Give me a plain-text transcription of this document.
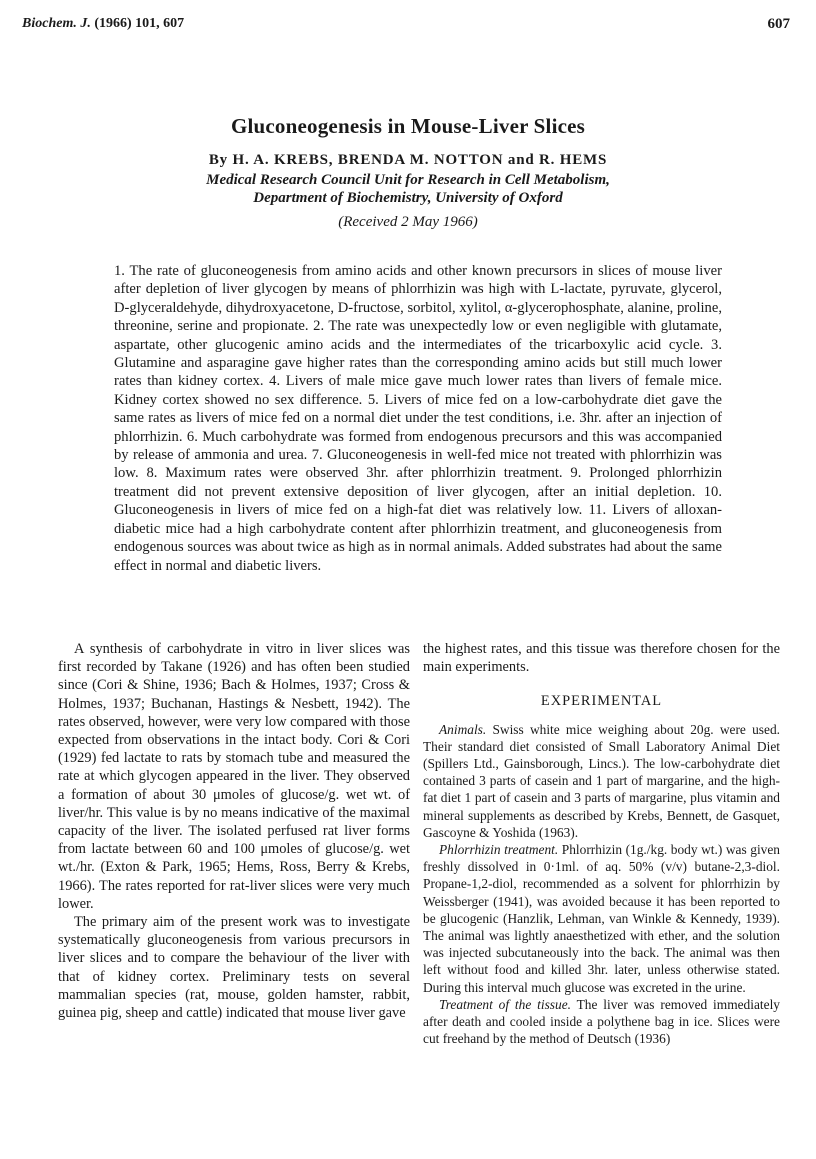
Biochem. J. (1966) 101, 607	607
Gluconeogenesis in Mouse-Liver Slices
By H. A. KREBS, BRENDA M. NOTTON and R. HEMS
Medical Research Council Unit for Research in Cell Metabolism,
Department of Biochemistry, University of Oxford
(Received 2 May 1966)
1. The rate of gluconeogenesis from amino acids and other known precursors in slices of mouse liver after depletion of liver glycogen by means of phlorrhizin was high with L-lactate, pyruvate, glycerol, D-glyceraldehyde, dihydroxyacetone, D-fructose, sorbitol, xylitol, α-glycerophosphate, alanine, proline, threonine, serine and propionate. 2. The rate was unexpectedly low or even negligible with glutamate, aspartate, other glucogenic amino acids and the intermediates of the tricarboxylic acid cycle. 3. Glutamine and asparagine gave higher rates than the corresponding amino acids but still much lower rates than kidney cortex. 4. Livers of male mice gave much lower rates than livers of female mice. Kidney cortex showed no sex difference. 5. Livers of mice fed on a low-carbohydrate diet gave the same rates as livers of mice fed on a normal diet under the test conditions, i.e. 3hr. after an injection of phlorrhizin. 6. Much carbohydrate was formed from endogenous precursors and this was accompanied by release of ammonia and urea. 7. Gluconeogenesis in well-fed mice not treated with phlorrhizin was low. 8. Maximum rates were observed 3hr. after phlorrhizin treatment. 9. Prolonged phlorrhizin treatment did not prevent extensive deposition of liver glycogen, after an initial depletion. 10. Gluconeogenesis in livers of mice fed on a high-fat diet was relatively low. 11. Livers of alloxan-diabetic mice had a high carbohydrate content after phlorrhizin treatment, and gluconeogenesis from endogenous sources was about twice as high as in normal animals. Added substrates had about the same effect in normal and diabetic livers.

A synthesis of carbohydrate in vitro in liver slices was first recorded by Takane (1926) and has often been studied since (Cori & Shine, 1936; Bach & Holmes, 1937; Cross & Holmes, 1937; Buchanan, Hastings & Nesbett, 1942). The rates observed, however, were very low compared with those expected from observations in the intact body. Cori & Cori (1929) fed lactate to rats by stomach tube and measured the rate at which glycogen appeared in the liver. They observed a formation of about 30 μmoles of glucose/g. wet wt. of liver/hr. This value is by no means indicative of the maximal capacity of the liver. The isolated perfused rat liver forms from lactate between 60 and 100 μmoles of glucose/g. wet wt./hr. (Exton & Park, 1965; Hems, Ross, Berry & Krebs, 1966). The rates reported for rat-liver slices were very much lower.

The primary aim of the present work was to investigate systematically gluconeogenesis from various precursors in liver slices and to compare the behaviour of the liver with that of kidney cortex. Preliminary tests on several mammalian species (rat, mouse, golden hamster, rabbit, guinea pig, sheep and cattle) indicated that mouse liver gave

the highest rates, and this tissue was therefore chosen for the main experiments.

EXPERIMENTAL

Animals. Swiss white mice weighing about 20g. were used. Their standard diet consisted of Small Laboratory Animal Diet (Spillers Ltd., Gainsborough, Lincs.). The low-carbohydrate diet contained 3 parts of casein and 1 part of margarine, and the high-fat diet 1 part of casein and 3 parts of margarine, plus vitamin and mineral supplements as described by Krebs, Bennett, de Gasquet, Gascoyne & Yoshida (1963).

Phlorrhizin treatment. Phlorrhizin (1g./kg. body wt.) was given freshly dissolved in 0·1ml. of aq. 50% (v/v) butane-2,3-diol. Propane-1,2-diol, recommended as a solvent for phlorrhizin by Weissberger (1941), was avoided because it has been reported to be glucogenic (Hanzlik, Lehman, van Winkle & Kennedy, 1939). The animal was lightly anaesthetized with ether, and the solution was injected subcutaneously into the back. The animal was then left without food and killed 3hr. later, unless otherwise stated. During this interval much glucose was excreted in the urine.

Treatment of the tissue. The liver was removed immediately after death and cooled inside a polythene bag in ice. Slices were cut freehand by the method of Deutsch (1936)
